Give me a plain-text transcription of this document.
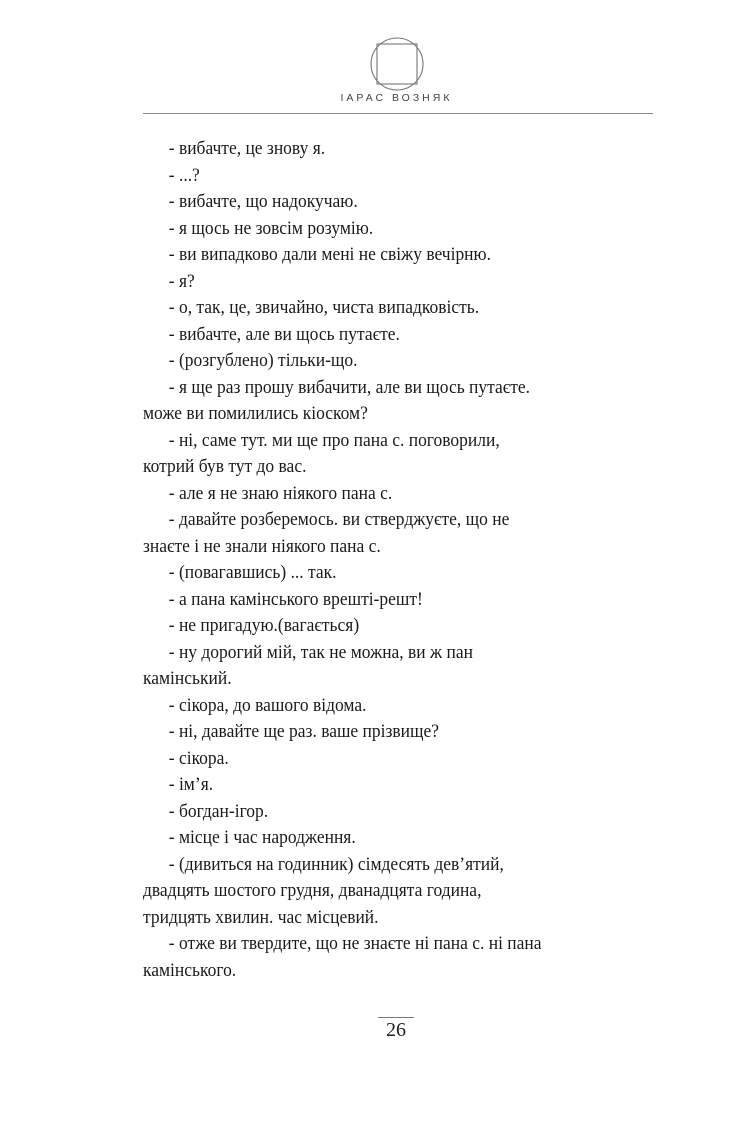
ІАРАС ВОЗНЯК

- вибачте, це знову я.

- ...?

- вибачте, що надокучаю.

- я щось не зовсім розумію.

- ви випадково дали мені не свіжу вечірню.

- я?

- о, так, це, звичайно, чиста випадковість.

- вибачте, але ви щось путаєте.

- (розгублено) тільки-що.

- я ще раз прошу вибачити, але ви щось путаєте.

може ви помилились кіоском?

- ні, саме тут. ми ще про пана с. поговорили,

котрий був тут до вас.

- але я не знаю ніякого пана с.

- давайте розберемось. ви стверджуєте, що не

знаєте і не знали ніякого пана с.

- (повагавшись) ... так.

- а пана камінського врешті-решт!

- не пригадую.(вагається)

- ну дорогий мій, так не можна, ви ж пан

камінський.

- сікора, до вашого відома.

- ні, давайте ще раз. ваше прізвище?

- сікора.

- ім’я.

- богдан-ігор.

- місце і час народження.

- (дивиться на годинник) сімдесять дев’ятий,

двадцять шостого грудня, дванадцята година,

тридцять хвилин. час місцевий.

- отже ви твердите, що не знаєте ні пана с. ні пана

камінського.

26
